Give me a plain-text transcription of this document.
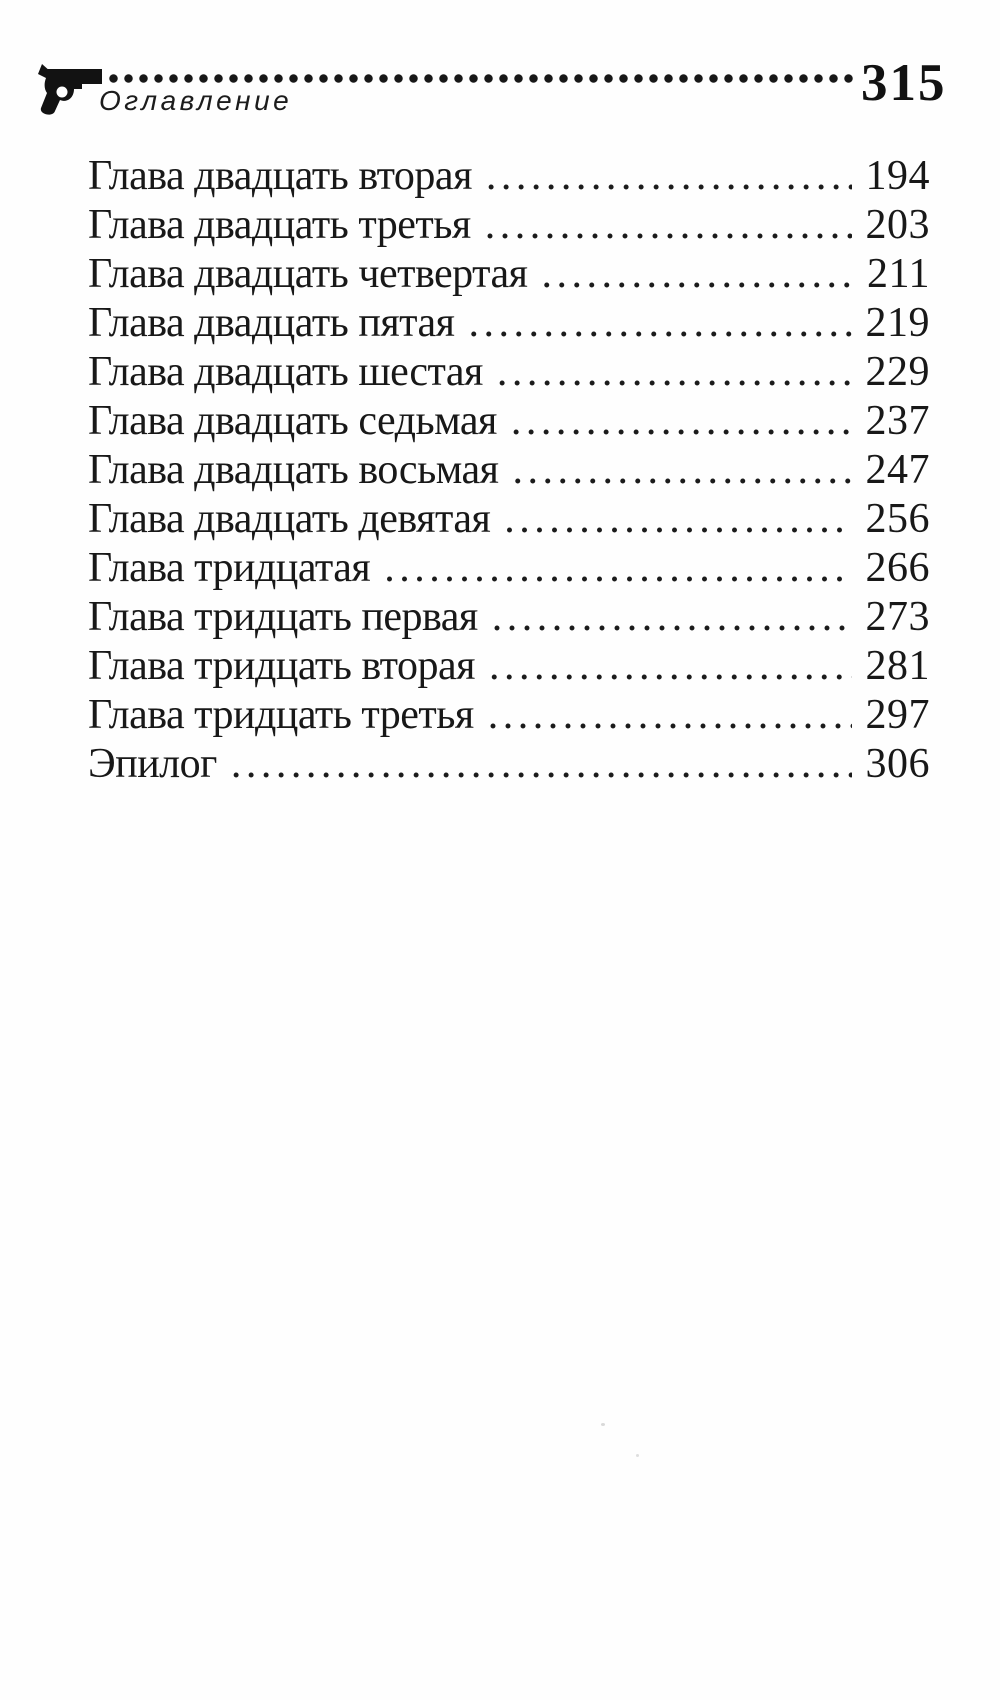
Оглавление	315
Глава двадцать вторая .....	194
Глава двадцать третья .....	203
Глава двадцать четвертая .....	211
Глава двадцать пятая .....	219
Глава двадцать шестая .....	229
Глава двадцать седьмая .....	237
Глава двадцать восьмая .....	247
Глава двадцать девятая .....	256
Глава тридцатая .....	266
Глава тридцать первая .....	273
Глава тридцать вторая .....	281
Глава тридцать третья .....	297
Эпилог .....	306
